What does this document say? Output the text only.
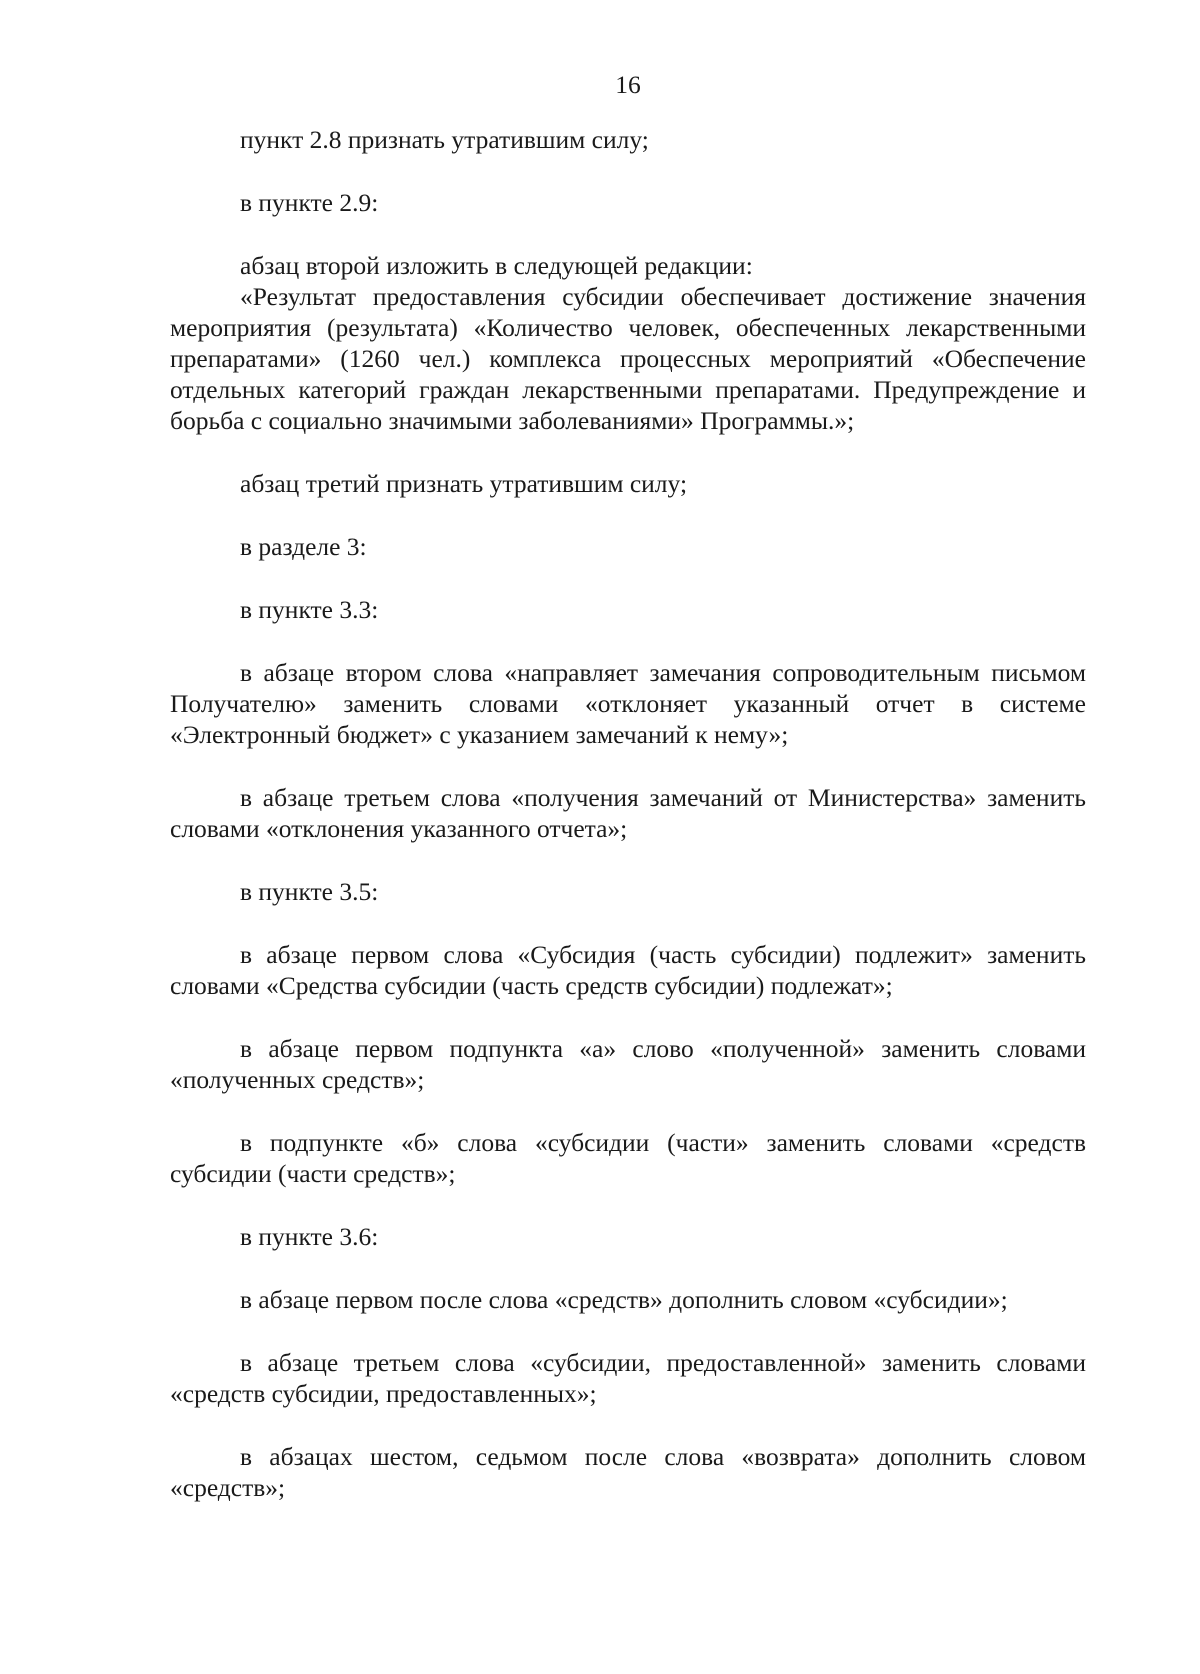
16

пункт 2.8 признать утратившим силу;

в пункте 2.9:

абзац второй изложить в следующей редакции:

«Результат предоставления субсидии обеспечивает достижение значения мероприятия (результата) «Количество человек, обеспеченных лекарственными препаратами» (1260 чел.) комплекса процессных мероприятий «Обеспечение отдельных категорий граждан лекарственными препаратами. Предупреждение и борьба с социально значимыми заболеваниями» Программы.»;

абзац третий признать утратившим силу;

в разделе 3:

в пункте 3.3:

в абзаце втором слова «направляет замечания сопроводительным письмом Получателю» заменить словами «отклоняет указанный отчет в системе «Электронный бюджет» с указанием замечаний к нему»;

в абзаце третьем слова «получения замечаний от Министерства» заменить словами «отклонения указанного отчета»;

в пункте 3.5:

в абзаце первом слова «Субсидия (часть субсидии) подлежит» заменить словами «Средства субсидии (часть средств субсидии) подлежат»;

в абзаце первом подпункта «а» слово «полученной» заменить словами «полученных средств»;

в подпункте «б» слова «субсидии (части» заменить словами «средств субсидии (части средств»;

в пункте 3.6:

в абзаце первом после слова «средств» дополнить словом «субсидии»;

в абзаце третьем слова «субсидии, предоставленной» заменить словами «средств субсидии, предоставленных»;

в абзацах шестом, седьмом после слова «возврата» дополнить словом «средств»;
